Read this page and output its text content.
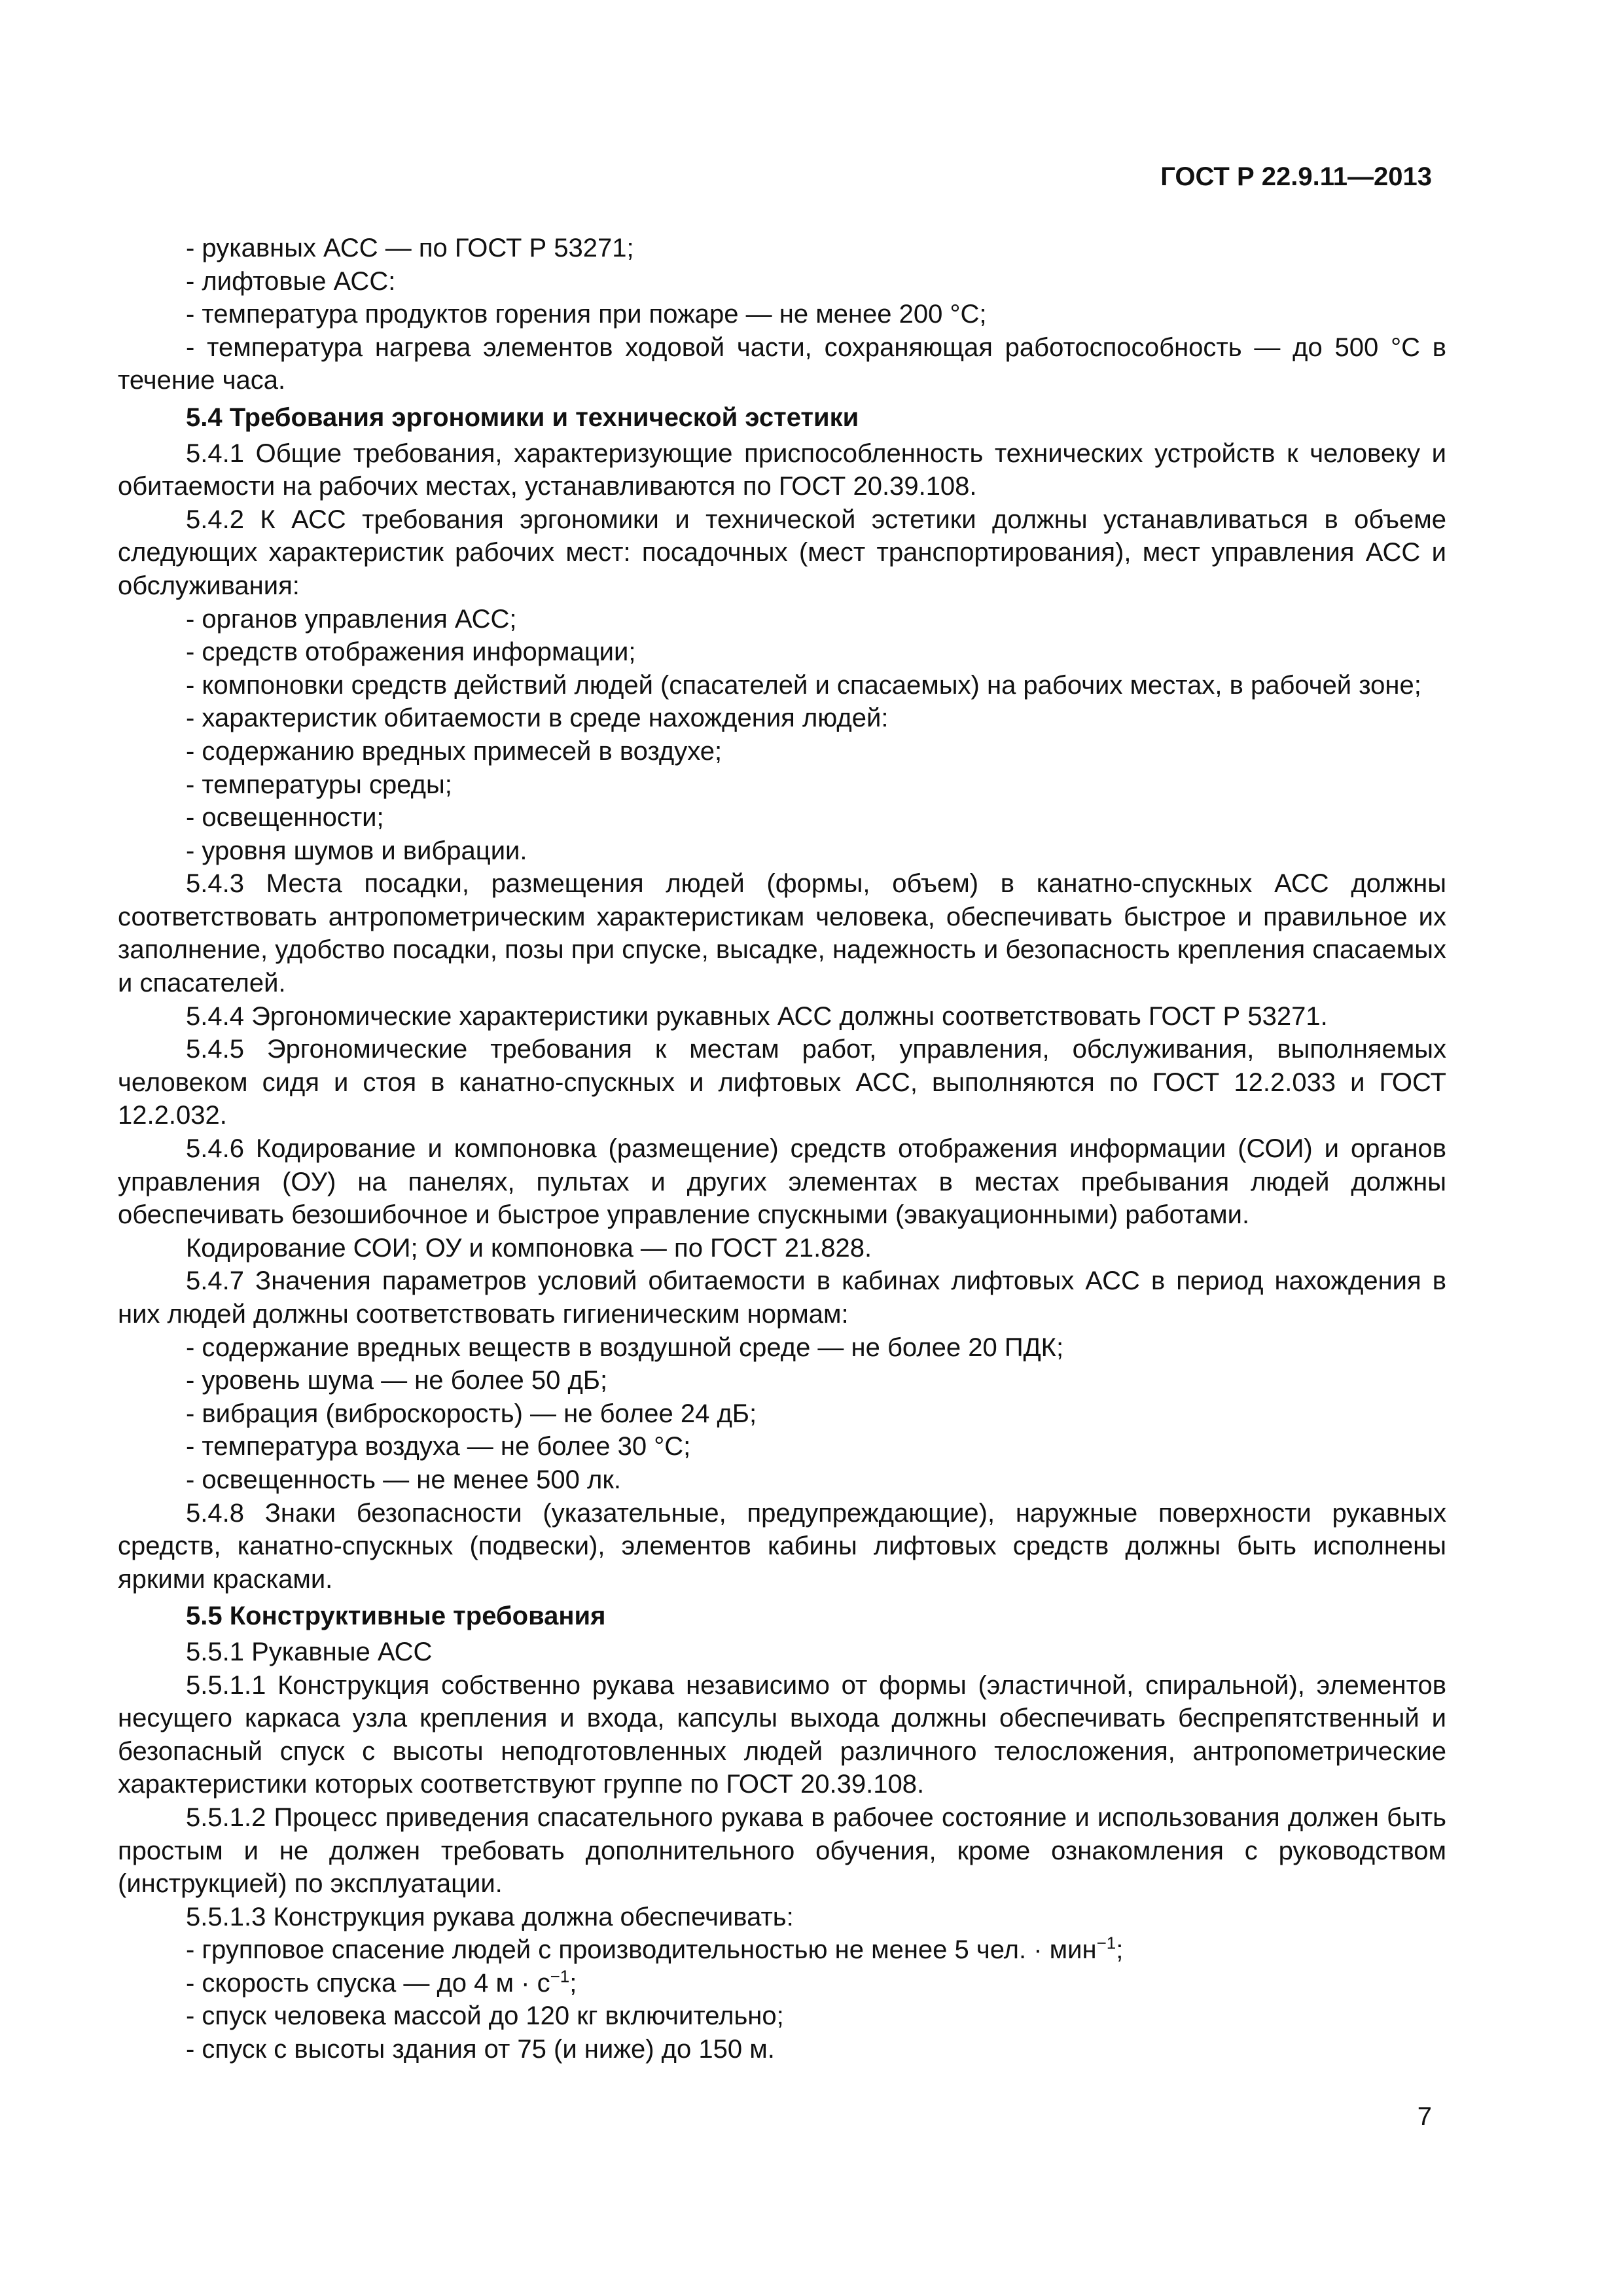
ГОСТ Р 22.9.11—2013

- рукавных АСС — по ГОСТ Р 53271;

- лифтовые АСС:

- температура продуктов горения при пожаре — не менее 200 °С;

- температура нагрева элементов ходовой части, сохраняющая работоспособность — до 500 °С в течение часа.

5.4 Требования эргономики и технической эстетики

5.4.1 Общие требования, характеризующие приспособленность технических устройств к человеку и обитаемости на рабочих местах, устанавливаются по ГОСТ 20.39.108.

5.4.2 К АСС требования эргономики и технической эстетики должны устанавливаться в объеме следующих характеристик рабочих мест: посадочных (мест транспортирования), мест управления АСС и обслуживания:

- органов управления АСС;

- средств отображения информации;

- компоновки средств действий людей (спасателей и спасаемых) на рабочих местах, в рабочей зоне;

- характеристик обитаемости в среде нахождения людей:

- содержанию вредных примесей в воздухе;

- температуры среды;

- освещенности;

- уровня шумов и вибрации.

5.4.3 Места посадки, размещения людей (формы, объем) в канатно-спускных АСС должны соответствовать антропометрическим характеристикам человека, обеспечивать быстрое и правильное их заполнение, удобство посадки, позы при спуске, высадке, надежность и безопасность крепления спасаемых и спасателей.

5.4.4 Эргономические характеристики рукавных АСС должны соответствовать ГОСТ Р 53271.

5.4.5 Эргономические требования к местам работ, управления, обслуживания, выполняемых человеком сидя и стоя в канатно-спускных и лифтовых АСС, выполняются по ГОСТ 12.2.033 и ГОСТ 12.2.032.

5.4.6 Кодирование и компоновка (размещение) средств отображения информации (СОИ) и органов управления (ОУ) на панелях, пультах и других элементах в местах пребывания людей должны обеспечивать безошибочное и быстрое управление спускными (эвакуационными) работами.

Кодирование СОИ; ОУ и компоновка — по ГОСТ 21.828.

5.4.7 Значения параметров условий обитаемости в кабинах лифтовых АСС в период нахождения в них людей должны соответствовать гигиеническим нормам:

- содержание вредных веществ в воздушной среде — не более 20 ПДК;

- уровень шума — не более 50 дБ;

- вибрация (виброскорость) — не более 24 дБ;

- температура воздуха — не более 30 °С;

- освещенность — не менее 500 лк.

5.4.8 Знаки безопасности (указательные, предупреждающие), наружные поверхности рукавных средств, канатно-спускных (подвески), элементов кабины лифтовых средств должны быть исполнены яркими красками.

5.5 Конструктивные требования

5.5.1 Рукавные АСС

5.5.1.1 Конструкция собственно рукава независимо от формы (эластичной, спиральной), элементов несущего каркаса узла крепления и входа, капсулы выхода должны обеспечивать беспрепятственный и безопасный спуск с высоты неподготовленных людей различного телосложения, антропометрические характеристики которых соответствуют группе по ГОСТ 20.39.108.

5.5.1.2 Процесс приведения спасательного рукава в рабочее состояние и использования должен быть простым и не должен требовать дополнительного обучения, кроме ознакомления с руководством (инструкцией) по эксплуатации.

5.5.1.3 Конструкция рукава должна обеспечивать:

- групповое спасение людей с производительностью не менее 5 чел. · мин$^{-1}$;

- скорость спуска — до 4 $м \cdot с^{-1}$;

- спуск человека массой до 120 кг включительно;

- спуск с высоты здания от 75 (и ниже) до 150 м.

7
